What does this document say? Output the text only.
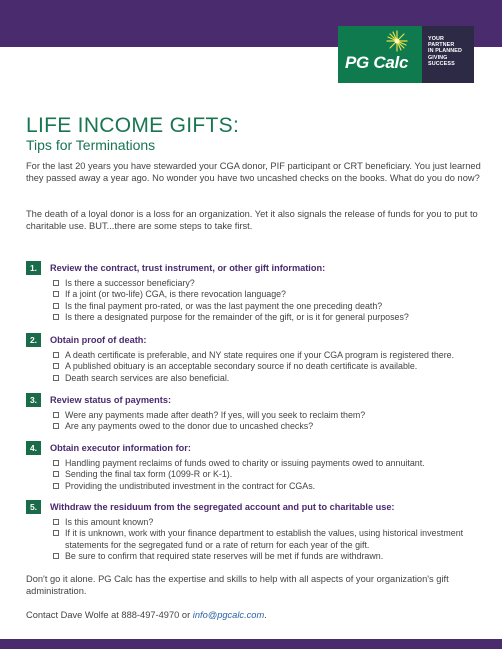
PG Calc
YOUR
PARTNER
IN PLANNED
GIVING
SUCCESS
LIFE INCOME GIFTS:
Tips for Terminations

For the last 20 years you have stewarded your CGA donor, PIF participant or CRT beneficiary. You just learned they passed away a year ago. No wonder you have two uncashed checks on the books. What do you do now?

The death of a loyal donor is a loss for an organization. Yet it also signals the release of funds for you to put to charitable use. BUT...there are some steps to take first.

1.	Review the contract, trust instrument, or other gift information:
Is there a successor beneficiary?
If a joint (or two-life) CGA, is there revocation language?
Is the final payment pro-rated, or was the last payment the one preceding death?
Is there a designated purpose for the remainder of the gift, or is it for general purposes?
2.	Obtain proof of death:
A death certificate is preferable, and NY state requires one if your CGA program is registered there.
A published obituary is an acceptable secondary source if no death certificate is available.
Death search services are also beneficial.
3.	Review status of payments:
Were any payments made after death? If yes, will you seek to reclaim them?
Are any payments owed to the donor due to uncashed checks?
4.	Obtain executor information for:
Handling payment reclaims of funds owed to charity or issuing payments owed to annuitant.
Sending the final tax form (1099-R or K-1).
Providing the undistributed investment in the contract for CGAs.
5.	Withdraw the residuum from the segregated account and put to charitable use:
Is this amount known?
If it is unknown, work with your finance department to establish the values, using historical investment statements for the segregated fund or a rate of return for each year of the gift.
Be sure to confirm that required state reserves will be met if funds are withdrawn.

Don't go it alone. PG Calc has the expertise and skills to help with all aspects of your organization's gift administration.

Contact Dave Wolfe at 888-497-4970 or info@pgcalc.com.
